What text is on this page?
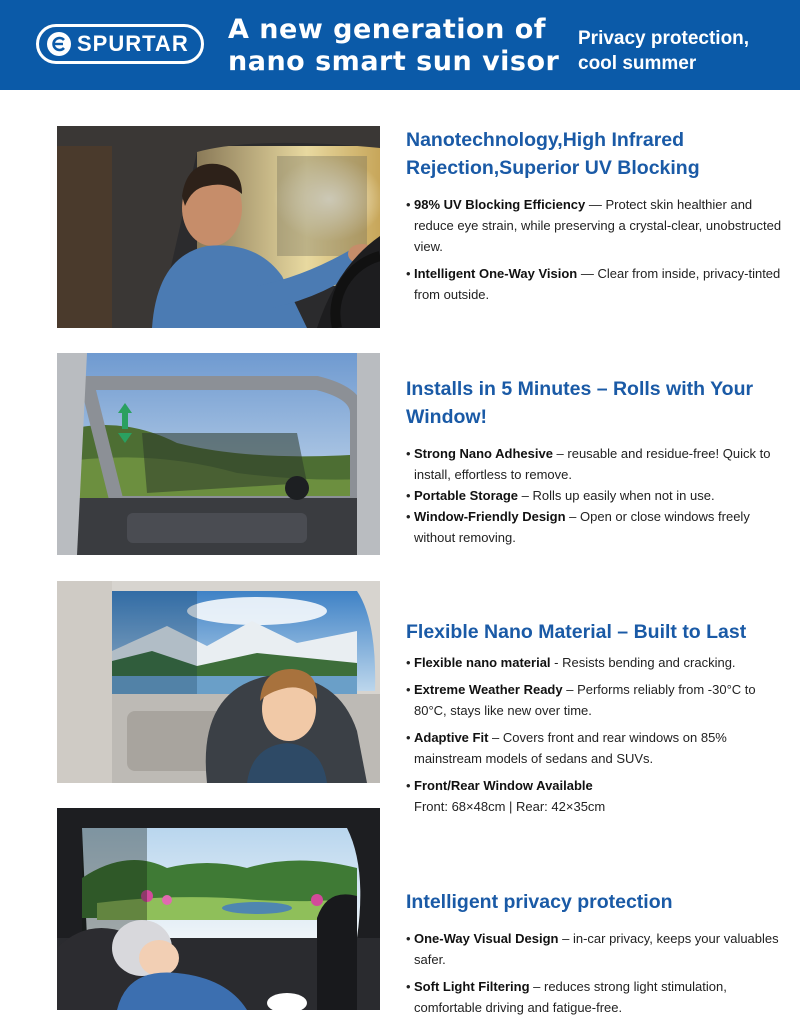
SPURTAR A new generation of
nano smart sun visor
Privacy protection,
cool summer
Nanotechnology,High Infrared Rejection,Superior UV Blocking
• 98% UV Blocking Efficiency — Protect skin healthier and reduce eye strain, while preserving a crystal-clear, unobstructed view.
• Intelligent One-Way Vision — Clear from inside, privacy-tinted from outside.
Installs in 5 Minutes – Rolls with Your Window!
• Strong Nano Adhesive – reusable and residue-free! Quick to install, effortless to remove.
• Portable Storage – Rolls up easily when not in use.
• Window-Friendly Design – Open or close windows freely without removing.
Flexible Nano Material – Built to Last
• Flexible nano material - Resists bending and cracking.
• Extreme Weather Ready – Performs reliably from -30°C to 80°C, stays like new over time.
• Adaptive Fit – Covers front and rear windows on 85% mainstream models of sedans and SUVs.
• Front/Rear Window Available
Front: 68×48cm | Rear: 42×35cm
Intelligent privacy protection
• One-Way Visual Design – in-car privacy, keeps your valuables safer.
• Soft Light Filtering – reduces strong light stimulation, comfortable driving and fatigue-free.
